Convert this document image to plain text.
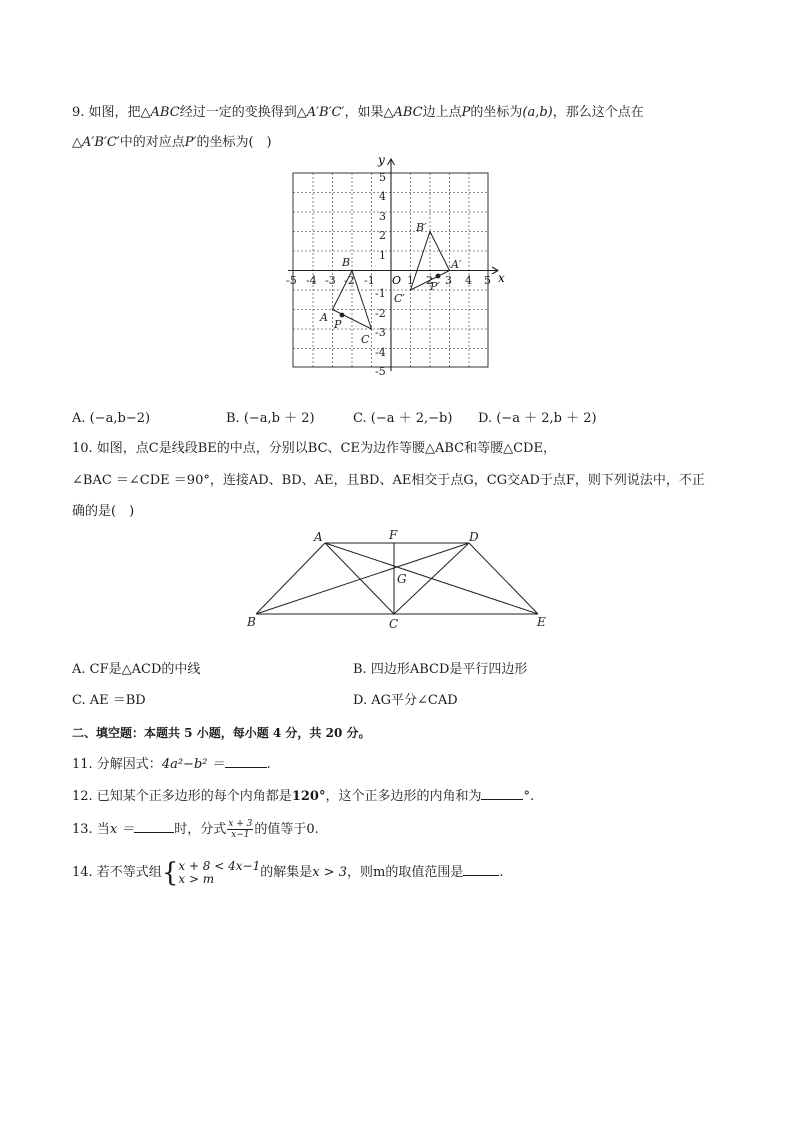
9. 如图，把△ABC经过一定的变换得到△A′B′C′，如果△ABC边上点P的坐标为(a,b)，那么这个点在
△A′B′C′中的对应点P′的坐标为(　)
x
y
O
-5 -4 -3 -2 -1	1 2 3 4 5
5
4
3
2
1
-1
-2
-3
-4
-5
A
B
C
P
A′
B′
C′
P′
A. (−a,b−2)	B. (−a,b ＋ 2)	C. (−a ＋ 2,−b) D. (−a ＋ 2,b ＋ 2)
10. 如图，点C是线段BE的中点，分别以BC、CE为边作等腰△ABC和等腰△CDE，
∠BAC ＝∠CDE ＝90°，连接AD、BD、AE，且BD、AE相交于点G，CG交AD于点F，则下列说法中，不正
确的是(　)
A	F	D
G
B	C	E
A. CF是△ACD的中线	B. 四边形ABCD是平行四边形
C. AE ＝BD	D. AG平分∠CAD
二、填空题：本题共 5 小题，每小题 4 分，共 20 分。
11. 分解因式：4a²−b² ＝	.
12. 已知某个正多边形的每个内角都是120°，这个正多边形的内角和为	°.
13. 当x ＝	时，分式 $\frac{x + 3}{x-1}$ 的值等于0.
14. 若不等式组{ x + 8 < 4x−1
x > m	的解集是x > 3，则m的取值范围是	.
